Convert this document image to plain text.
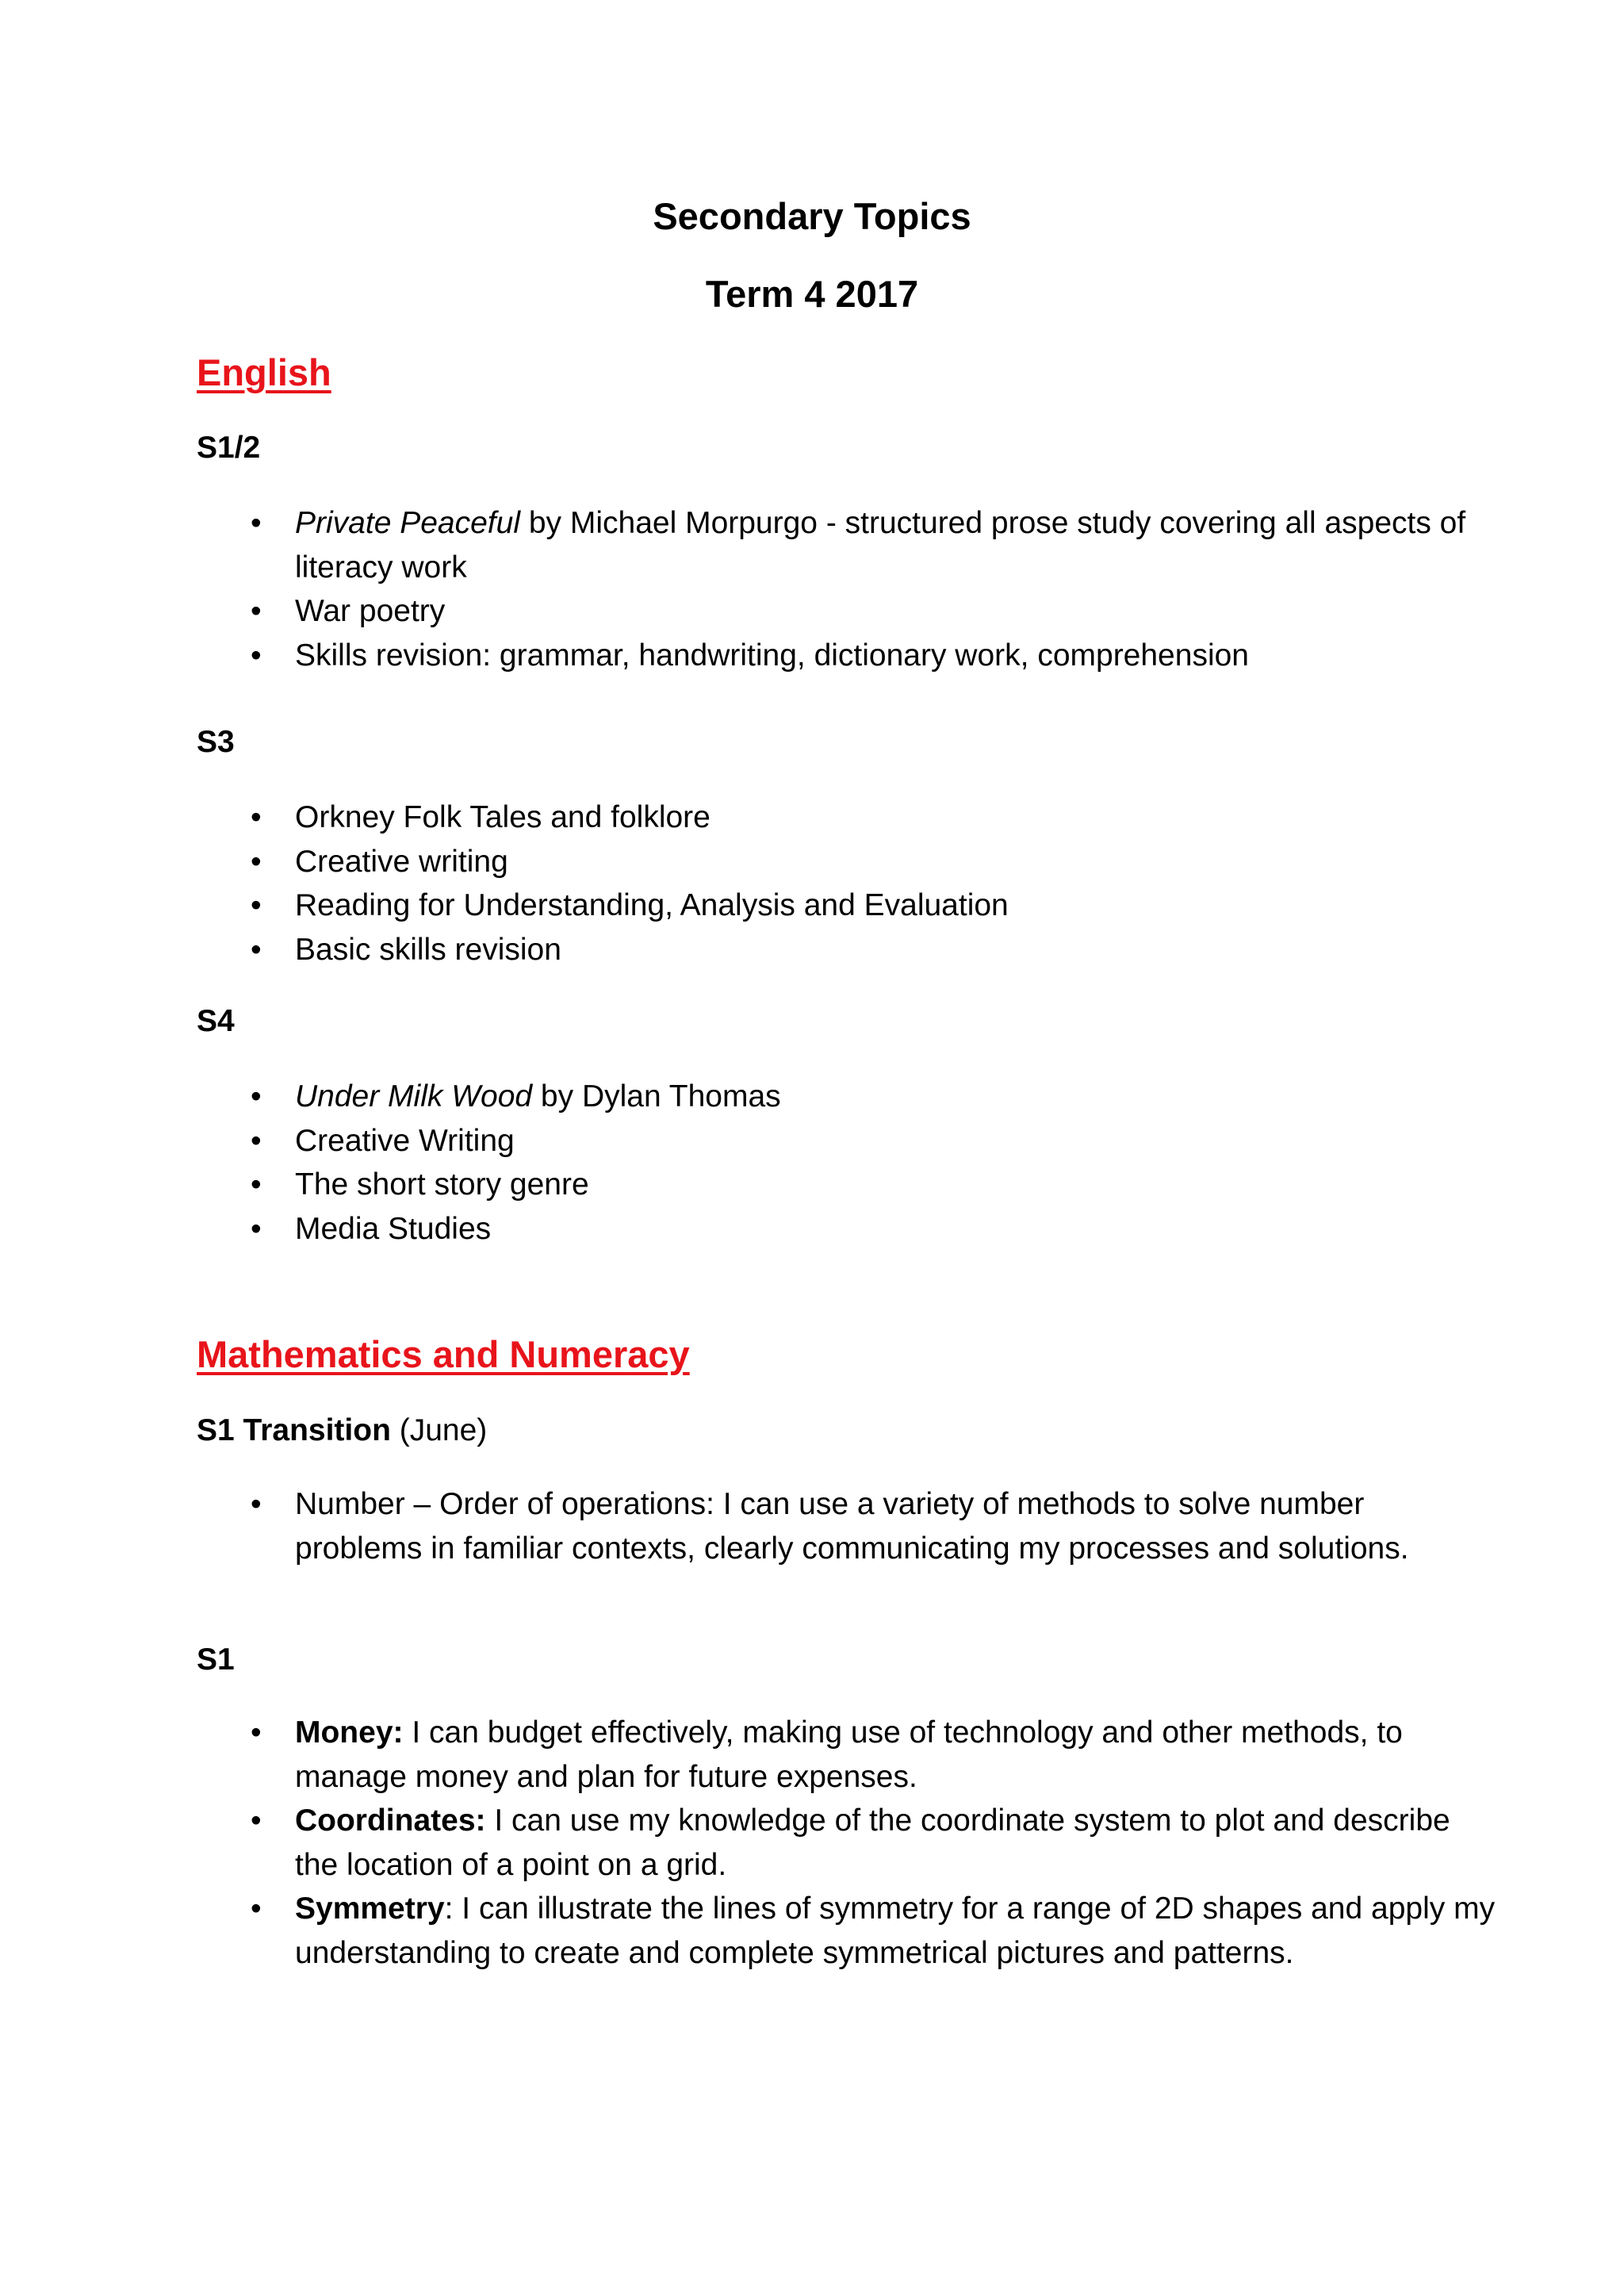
Secondary Topics
Term 4 2017
English
S1/2
• Private Peaceful by Michael Morpurgo - structured prose study covering all aspects of literacy work
• War poetry
• Skills revision: grammar, handwriting, dictionary work, comprehension
S3
• Orkney Folk Tales and folklore
• Creative writing
• Reading for Understanding, Analysis and Evaluation
• Basic skills revision
S4
• Under Milk Wood by Dylan Thomas
• Creative Writing
• The short story genre
• Media Studies
Mathematics and Numeracy
S1 Transition (June)
• Number – Order of operations: I can use a variety of methods to solve number problems in familiar contexts, clearly communicating my processes and solutions.
S1
• Money: I can budget effectively, making use of technology and other methods, to manage money and plan for future expenses.
• Coordinates: I can use my knowledge of the coordinate system to plot and describe the location of a point on a grid.
• Symmetry: I can illustrate the lines of symmetry for a range of 2D shapes and apply my understanding to create and complete symmetrical pictures and patterns.
